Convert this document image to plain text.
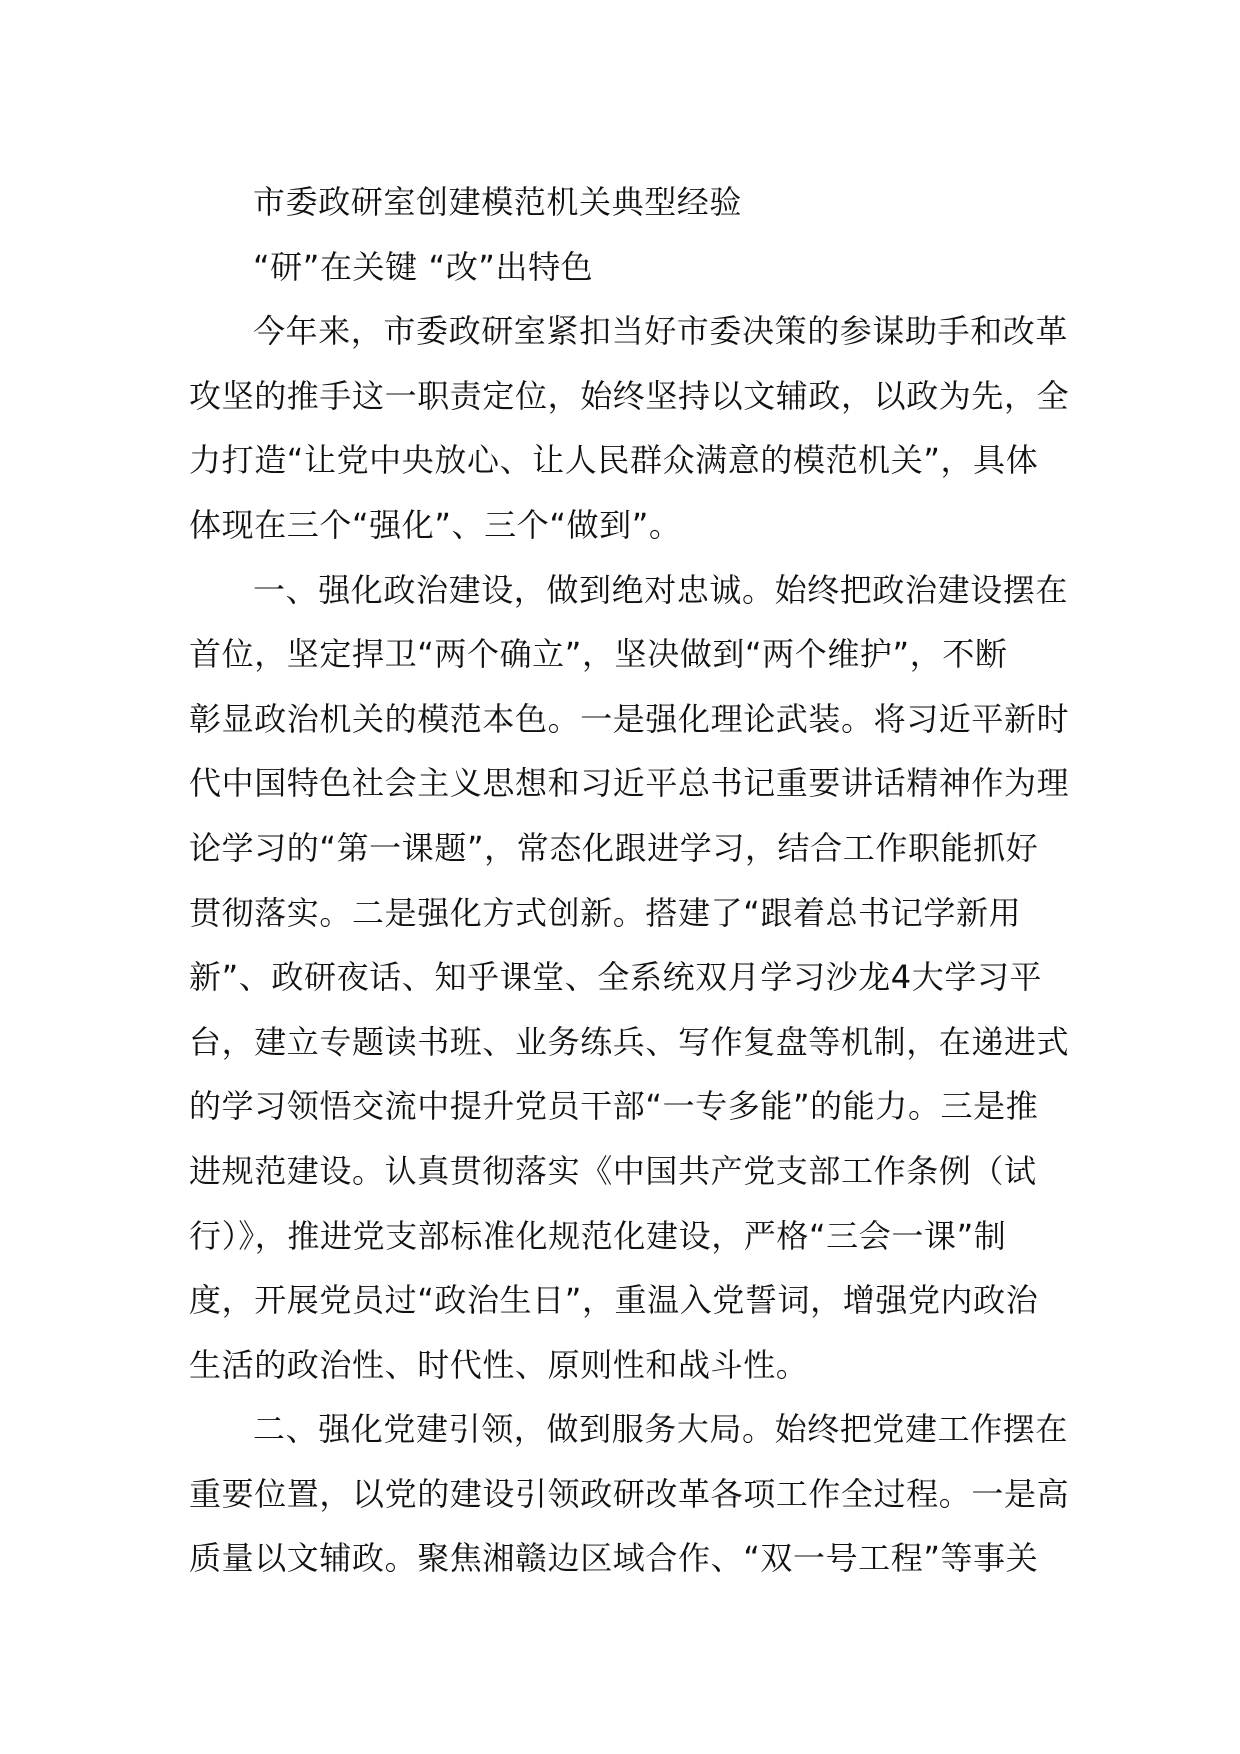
市委政研室创建模范机关典型经验
“研”在关键 “改”出特色
今年来，市委政研室紧扣当好市委决策的参谋助手和改革
攻坚的推手这一职责定位，始终坚持以文辅政，以政为先，全
力打造“让党中央放心、让人民群众满意的模范机关”，具体
体现在三个“强化”、三个“做到”。
一、强化政治建设，做到绝对忠诚。始终把政治建设摆在
首位，坚定捍卫“两个确立”，坚决做到“两个维护”，不断
彰显政治机关的模范本色。一是强化理论武装。将习近平新时
代中国特色社会主义思想和习近平总书记重要讲话精神作为理
论学习的“第一课题”，常态化跟进学习，结合工作职能抓好
贯彻落实。二是强化方式创新。搭建了“跟着总书记学新用
新”、政研夜话、知乎课堂、全系统双月学习沙龙4大学习平
台，建立专题读书班、业务练兵、写作复盘等机制，在递进式
的学习领悟交流中提升党员干部“一专多能”的能力。三是推
进规范建设。认真贯彻落实《中国共产党支部工作条例（试
行）》，推进党支部标准化规范化建设，严格“三会一课”制
度，开展党员过“政治生日”，重温入党誓词，增强党内政治
生活的政治性、时代性、原则性和战斗性。
二、强化党建引领，做到服务大局。始终把党建工作摆在
重要位置，以党的建设引领政研改革各项工作全过程。一是高
质量以文辅政。聚焦湘赣边区域合作、“双一号工程”等事关
